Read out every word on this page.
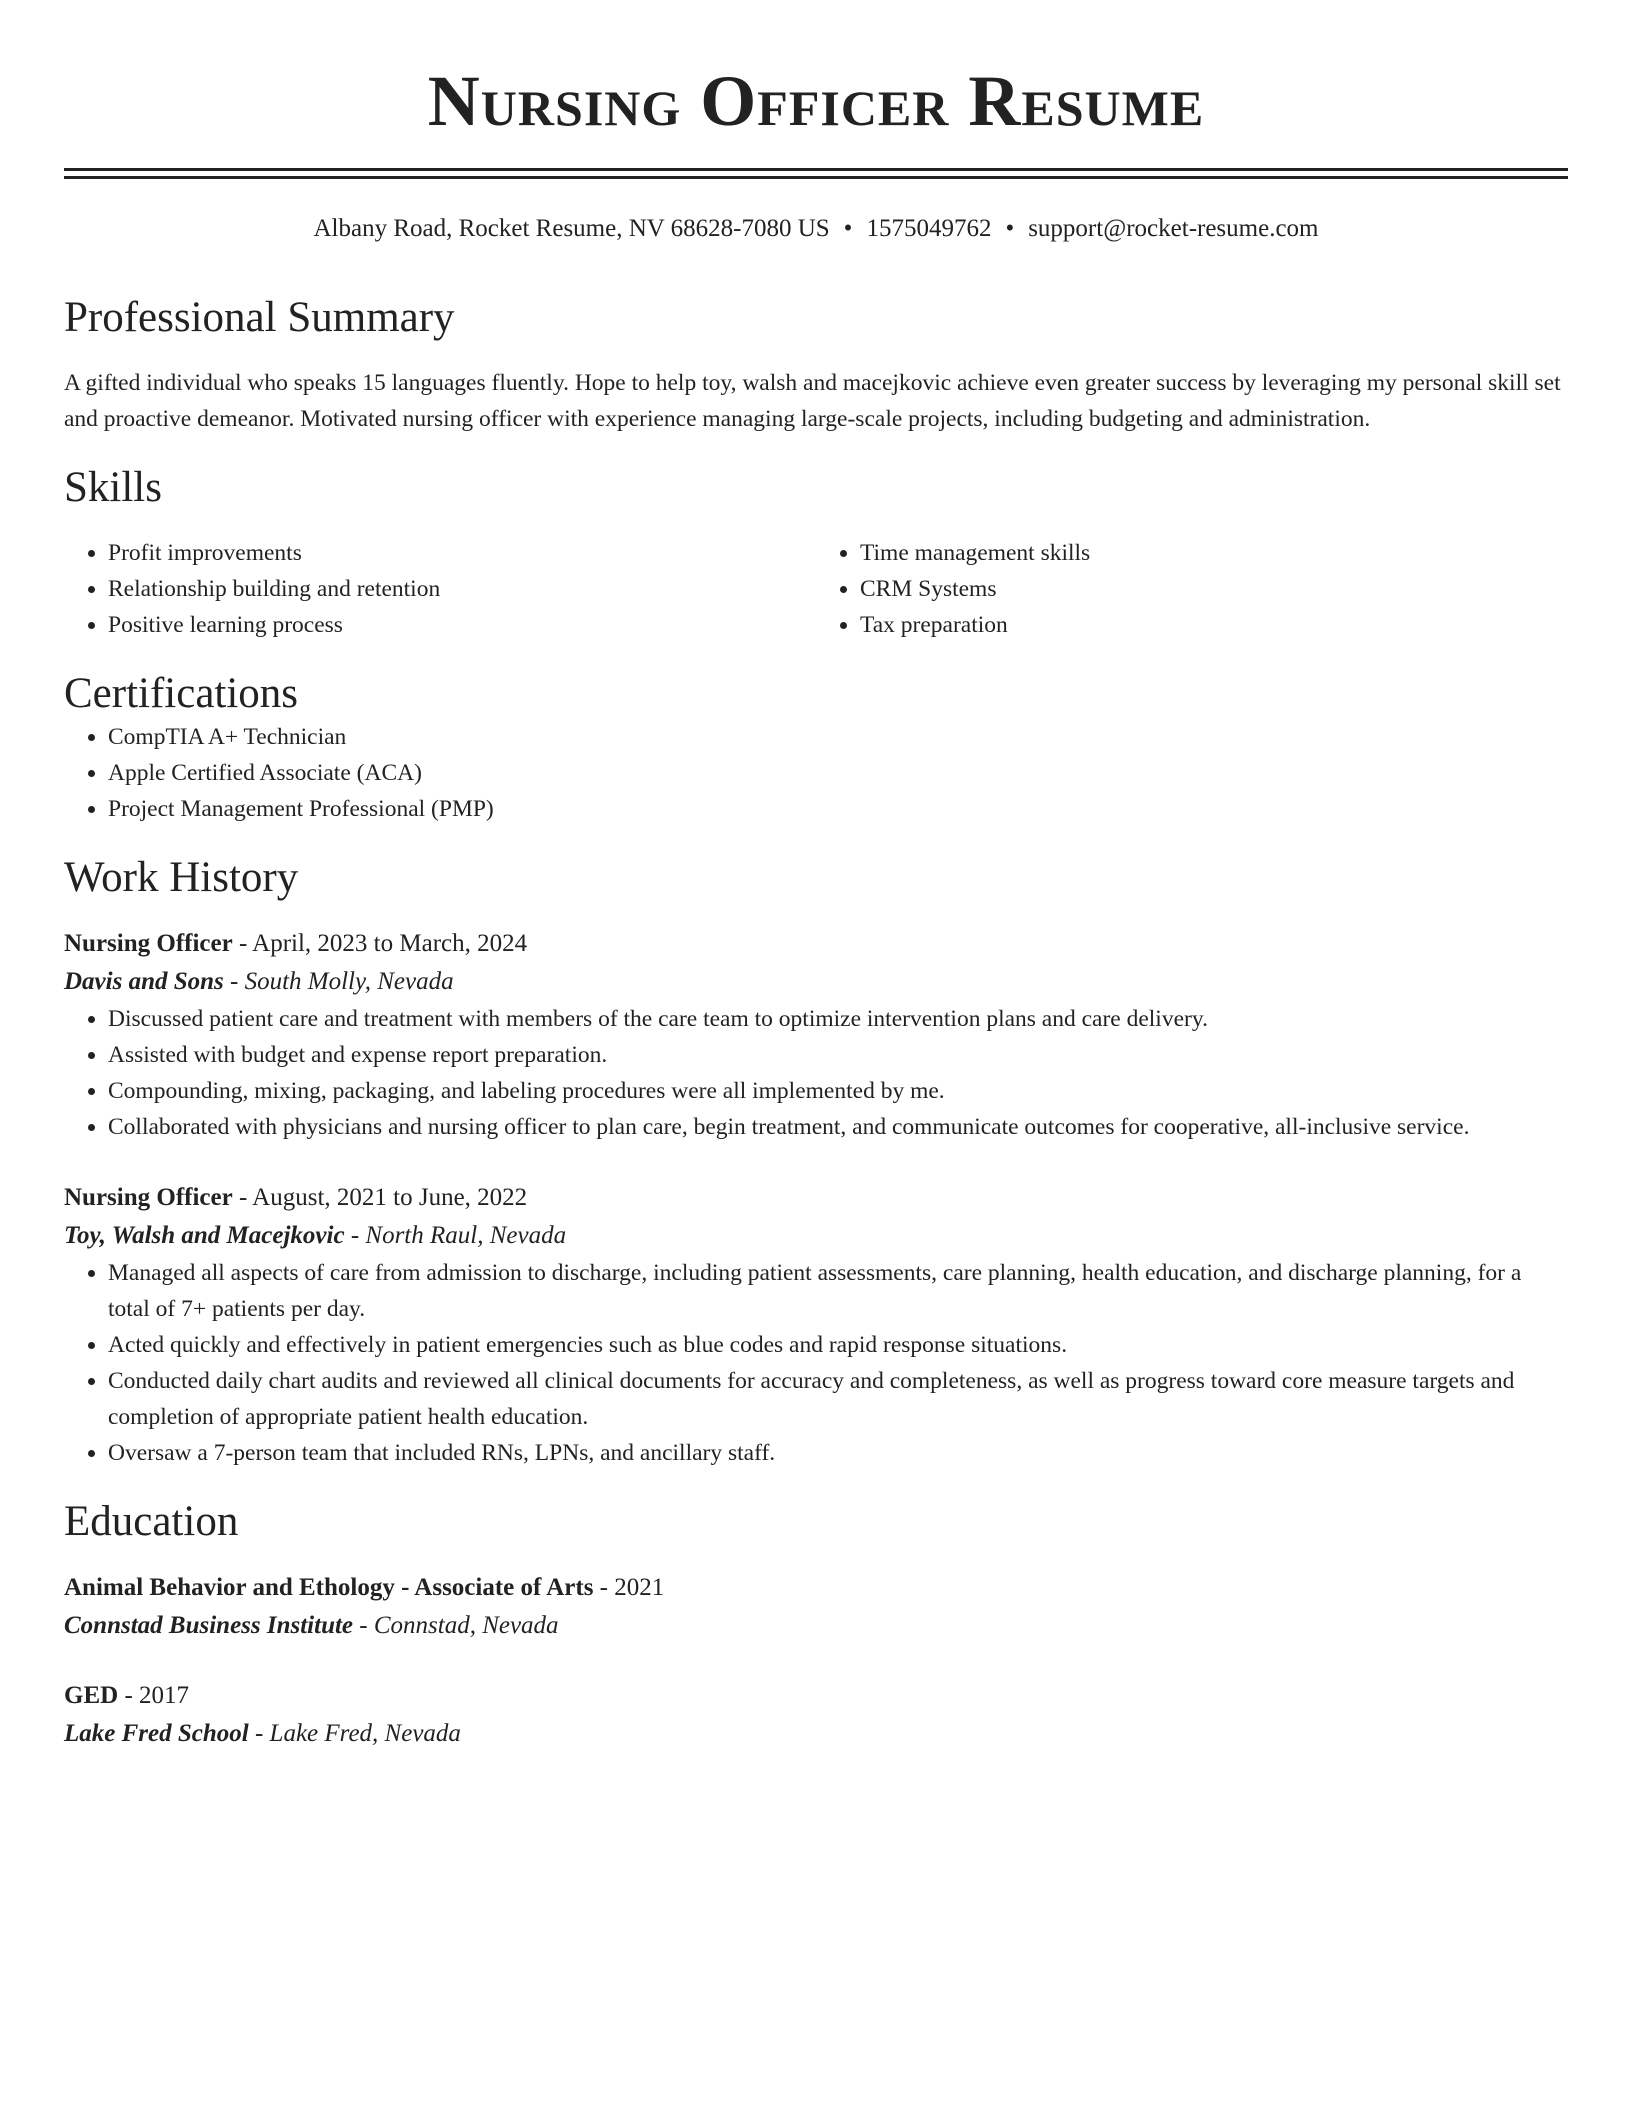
Nursing Officer Resume
Albany Road, Rocket Resume, NV 68628-7080 US • 1575049762 • support@rocket-resume.com
Professional Summary

A gifted individual who speaks 15 languages fluently. Hope to help toy, walsh and macejkovic achieve even greater success by leveraging my personal skill set and proactive demeanor. Motivated nursing officer with experience managing large-scale projects, including budgeting and administration.

Skills
• Profit improvements
• Relationship building and retention
• Positive learning process
• Time management skills
• CRM Systems
• Tax preparation
Certifications
• CompTIA A+ Technician
• Apple Certified Associate (ACA)
• Project Management Professional (PMP)
Work History
Nursing Officer - April, 2023 to March, 2024
Davis and Sons - South Molly, Nevada
• Discussed patient care and treatment with members of the care team to optimize intervention plans and care delivery.
• Assisted with budget and expense report preparation.
• Compounding, mixing, packaging, and labeling procedures were all implemented by me.
• Collaborated with physicians and nursing officer to plan care, begin treatment, and communicate outcomes for cooperative, all-inclusive service.
Nursing Officer - August, 2021 to June, 2022
Toy, Walsh and Macejkovic - North Raul, Nevada
• Managed all aspects of care from admission to discharge, including patient assessments, care planning, health education, and discharge planning, for a total of 7+ patients per day.
• Acted quickly and effectively in patient emergencies such as blue codes and rapid response situations.
• Conducted daily chart audits and reviewed all clinical documents for accuracy and completeness, as well as progress toward core measure targets and completion of appropriate patient health education.
• Oversaw a 7-person team that included RNs, LPNs, and ancillary staff.
Education
Animal Behavior and Ethology - Associate of Arts - 2021
Connstad Business Institute - Connstad, Nevada
GED - 2017
Lake Fred School - Lake Fred, Nevada
